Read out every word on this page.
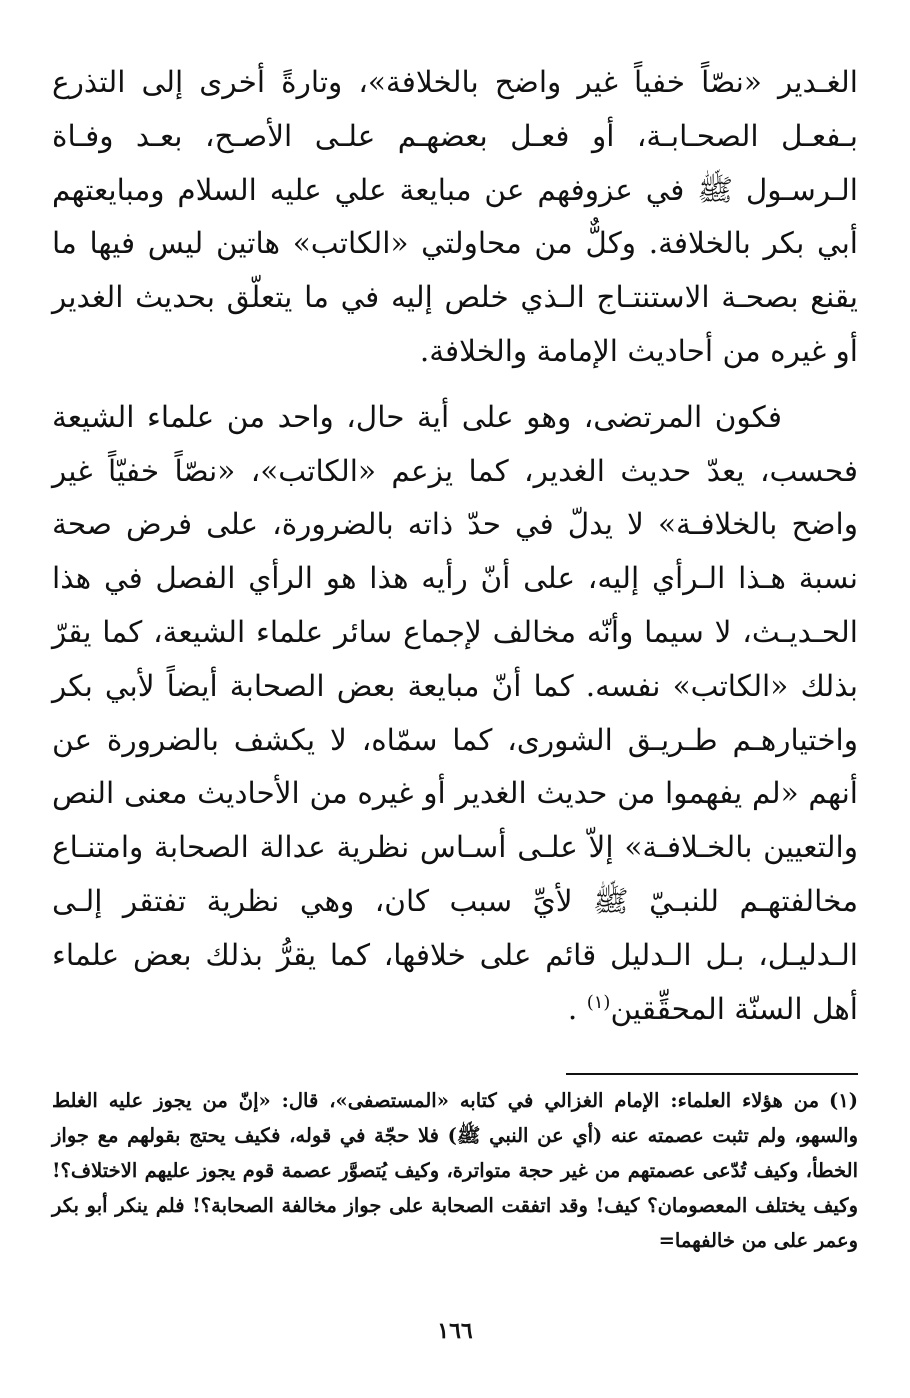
الغـدير «نصّاً خفياً غير واضح بالخلافة»، وتارةً أخرى إلى التذرع بـفعـل الصحـابـة، أو فعـل بعضهـم علـى الأصـح، بعـد وفـاة الـرسـول ﷺ في عزوفهم عن مبايعة علي عليه السلام ومبايعتهم أبي بكر بالخلافة. وكلٌّ من محاولتي «الكاتب» هاتين ليس فيها ما يقنع بصحـة الاستنتـاج الـذي خلص إليه في ما يتعلّق بحديث الغدير أو غيره من أحاديث الإمامة والخلافة.

فكون المرتضى، وهو على أية حال، واحد من علماء الشيعة فحسب، يعدّ حديث الغدير، كما يزعم «الكاتب»، «نصّاً خفيّاً غير واضح بالخلافـة» لا يدلّ في حدّ ذاته بالضرورة، على فرض صحة نسبة هـذا الـرأي إليه، على أنّ رأيه هذا هو الرأي الفصل في هذا الحـديـث، لا سيما وأنّه مخالف لإجماع سائر علماء الشيعة، كما يقرّ بذلك «الكاتب» نفسه. كما أنّ مبايعة بعض الصحابة أيضاً لأبي بكر واختيارهـم طـريـق الشورى، كما سمّاه، لا يكشف بالضرورة عن أنهم «لم يفهموا من حديث الغدير أو غيره من الأحاديث معنى النص والتعيين بالخـلافـة» إلاّ علـى أسـاس نظرية عدالة الصحابة وامتنـاع مخالفتهـم للنبـيّ ﷺ لأيِّ سبب كان، وهي نظرية تفتقر إلـى الـدليـل، بـل الـدليل قائم على خلافها، كما يقرُّ بذلك بعض علماء أهل السنّة المحقِّقين$^{(١)}$ .

(١)من هؤلاء العلماء: الإمام الغزالي في كتابه «المستصفى»، قال: «إنّ من يجوز عليه الغلط والسهو، ولم تثبت عصمته عنه (أي عن النبي ﷺ) فلا حجّة في قوله، فكيف يحتج بقولهم مع جواز الخطأ، وكيف تُدّعى عصمتهم من غير حجة متواترة، وكيف يُتصوَّر عصمة قوم يجوز عليهم الاختلاف؟! وكيف يختلف المعصومان؟ كيف! وقد اتفقت الصحابة على جواز مخالفة الصحابة؟! فلم ينكر أبو بكر وعمر على من خالفهما=

١٦٦
